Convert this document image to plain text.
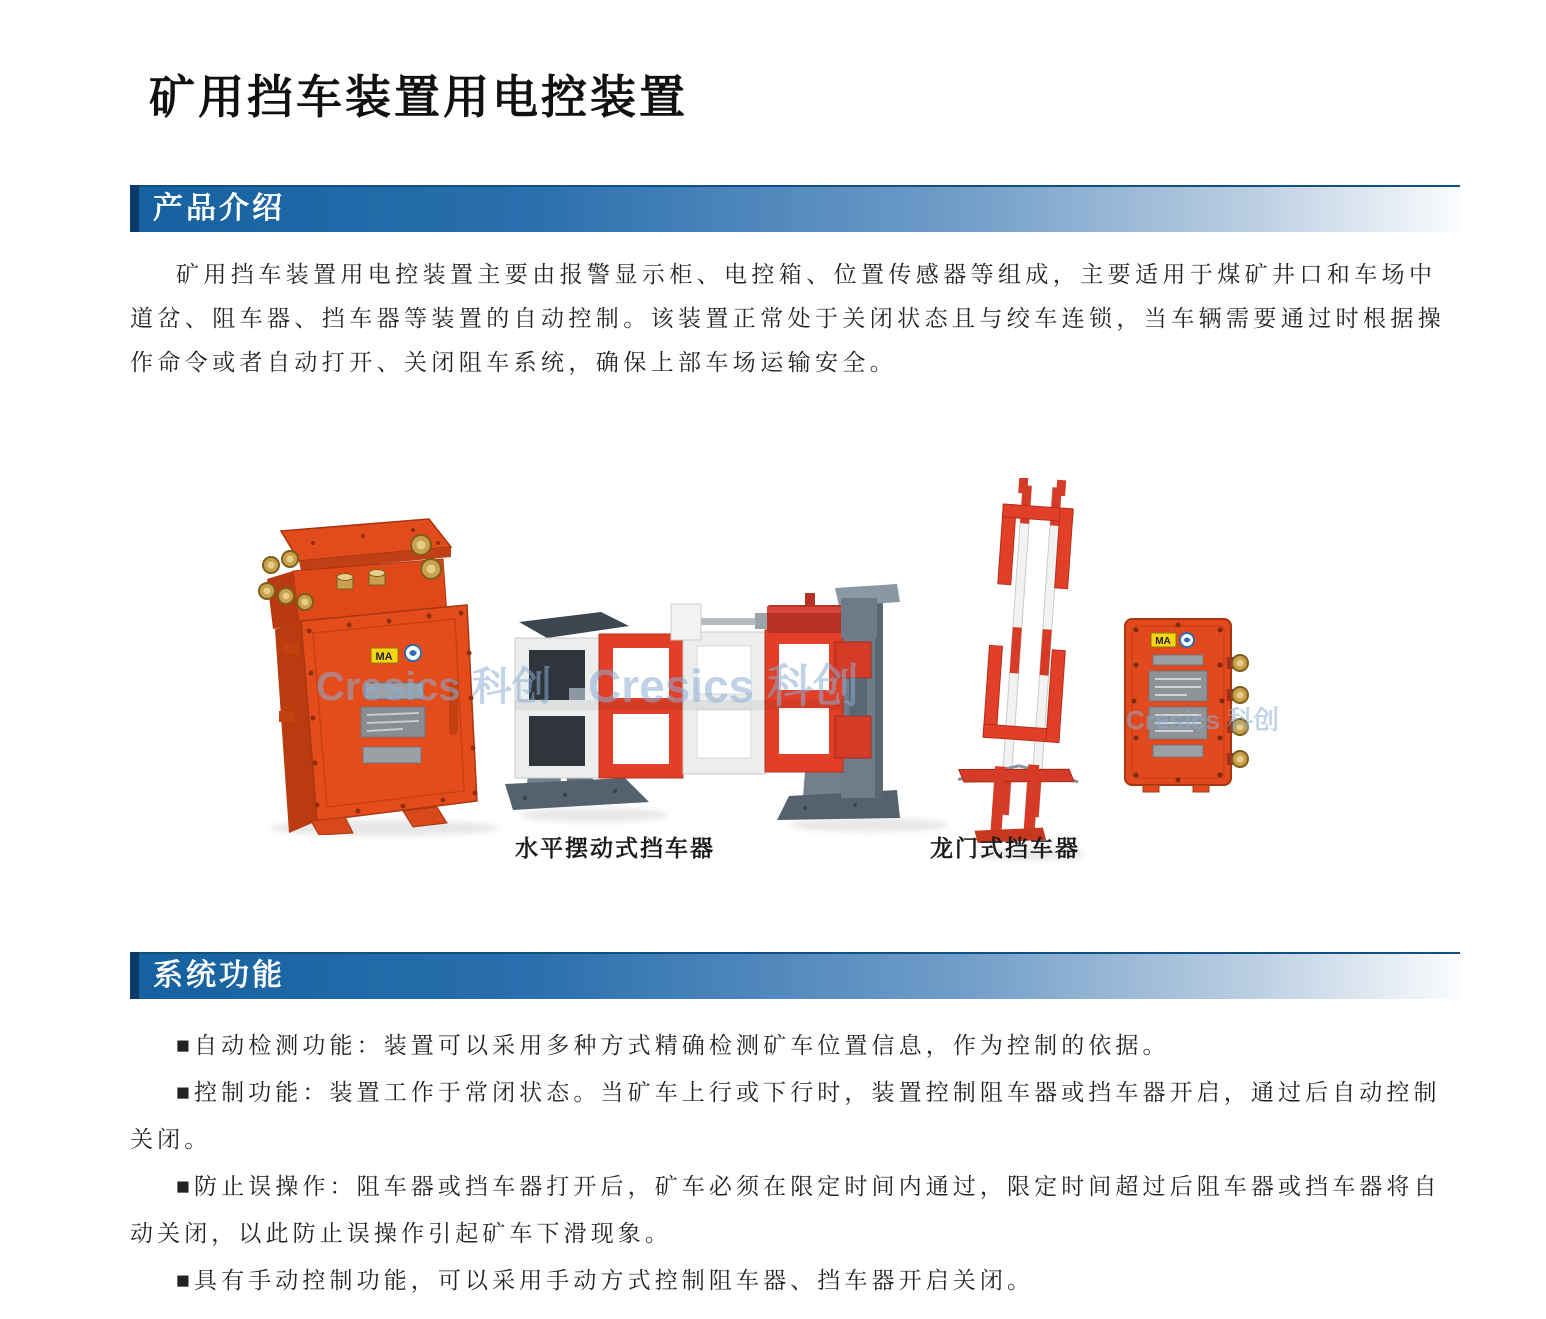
矿用挡车装置用电控装置
产品介绍

矿用挡车装置用电控装置主要由报警显示柜、电控箱、位置传感器等组成，主要适用于煤矿井口和车场中
道岔、阻车器、挡车器等装置的自动控制。该装置正常处于关闭状态且与绞车连锁，当车辆需要通过时根据操
作命令或者自动打开、关闭阻车系统，确保上部车场运输安全。

MA
MA
Cresics 科创 Cresics 科创
Cresics 科创
水平摆动式挡车器	龙门式挡车器
系统功能

■自动检测功能：装置可以采用多种方式精确检测矿车位置信息，作为控制的依据。

■控制功能：装置工作于常闭状态。当矿车上行或下行时，装置控制阻车器或挡车器开启，通过后自动控制
关闭。

■防止误操作：阻车器或挡车器打开后，矿车必须在限定时间内通过，限定时间超过后阻车器或挡车器将自
动关闭，以此防止误操作引起矿车下滑现象。

■具有手动控制功能，可以采用手动方式控制阻车器、挡车器开启关闭。
